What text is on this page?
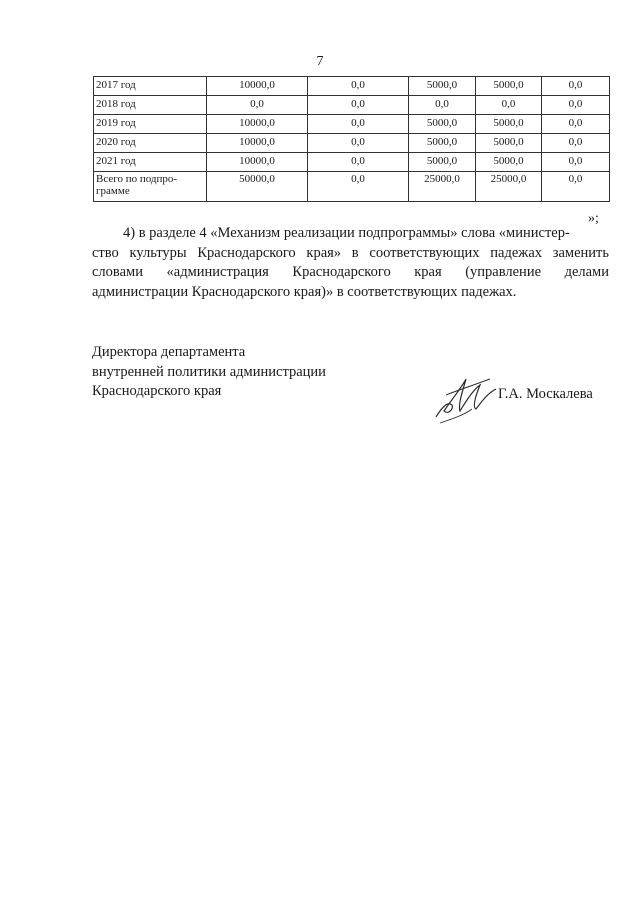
7
2017 год	10000,0	0,0	5000,0	5000,0	0,0
2018 год	0,0	0,0	0,0	0,0	0,0
2019 год	10000,0	0,0	5000,0	5000,0	0,0
2020 год	10000,0	0,0	5000,0	5000,0	0,0
2021 год	10000,0	0,0	5000,0	5000,0	0,0
Всего по подпро-
грамме	50000,0	0,0	25000,0	25000,0	0,0
»;
4) в разделе 4 «Механизм реализации подпрограммы» слова «министер-
ство культуры Краснодарского края» в соответствующих падежах заменить словами «администрация Краснодарского края (управление делами администрации Краснодарского края)» в соответствующих падежах.
Директора департамента
внутренней политики администрации
Краснодарского края	Г.А. Москалева
